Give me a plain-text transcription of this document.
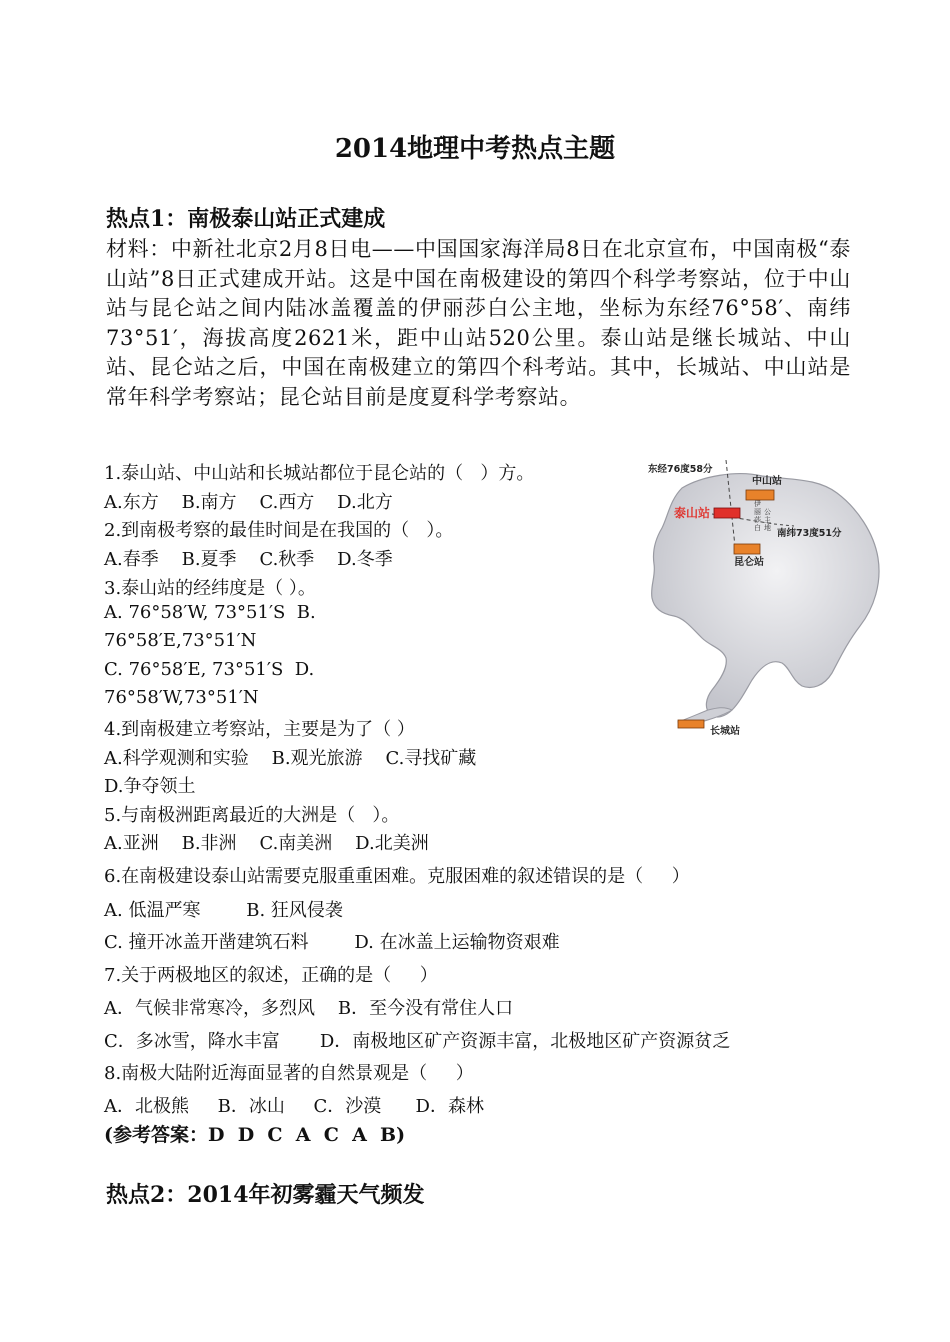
2014地理中考热点主题
热点1：南极泰山站正式建成
材料：中新社北京2月8日电——中国国家海洋局8日在北京宣布，中国南极“泰山站”8日正式建成开站。这是中国在南极建设的第四个科学考察站，位于中山站与昆仑站之间内陆冰盖覆盖的伊丽莎白公主地，坐标为东经76°58′、南纬73°51′，海拔高度2621米，距中山站520公里。泰山站是继长城站、中山站、昆仑站之后，中国在南极建立的第四个科考站。其中，长城站、中山站是常年科学考察站；昆仑站目前是度夏科学考察站。
1.泰山站、中山站和长城站都位于昆仑站的（   ）方。
A.东方    B.南方    C.西方    D.北方
2.到南极考察的最佳时间是在我国的（   ）。
A.春季    B.夏季    C.秋季    D.冬季
3.泰山站的经纬度是（ ）。
A. 76°58′W, 73°51′S  B.
76°58′E,73°51′N
C. 76°58′E, 73°51′S  D.
76°58′W,73°51′N
4.到南极建立考察站，主要是为了（ ）
A.科学观测和实验    B.观光旅游    C.寻找矿藏
D.争夺领土
5.与南极洲距离最近的大洲是（   ）。
A.亚洲    B.非洲    C.南美洲    D.北美洲
6.在南极建设泰山站需要克服重重困难。克服困难的叙述错误的是（     ）
A. 低温严寒        B. 狂风侵袭
C. 撞开冰盖开凿建筑石料        D. 在冰盖上运输物资艰难
7.关于两极地区的叙述，正确的是（     ）
A．气候非常寒冷，多烈风    B．至今没有常住人口
C．多冰雪，降水丰富       D．南极地区矿产资源丰富，北极地区矿产资源贫乏
8.南极大陆附近海面显著的自然景观是（     ）
A．北极熊     B．冰山     C．沙漠      D．森林
(参考答案：D  D  C  A  C  A  B)
热点2：2014年初雾霾天气频发
中山站
泰山站
昆仑站
长城站
东经76度58分
南纬73度51分
伊 丽 莎 白 公 主 地
